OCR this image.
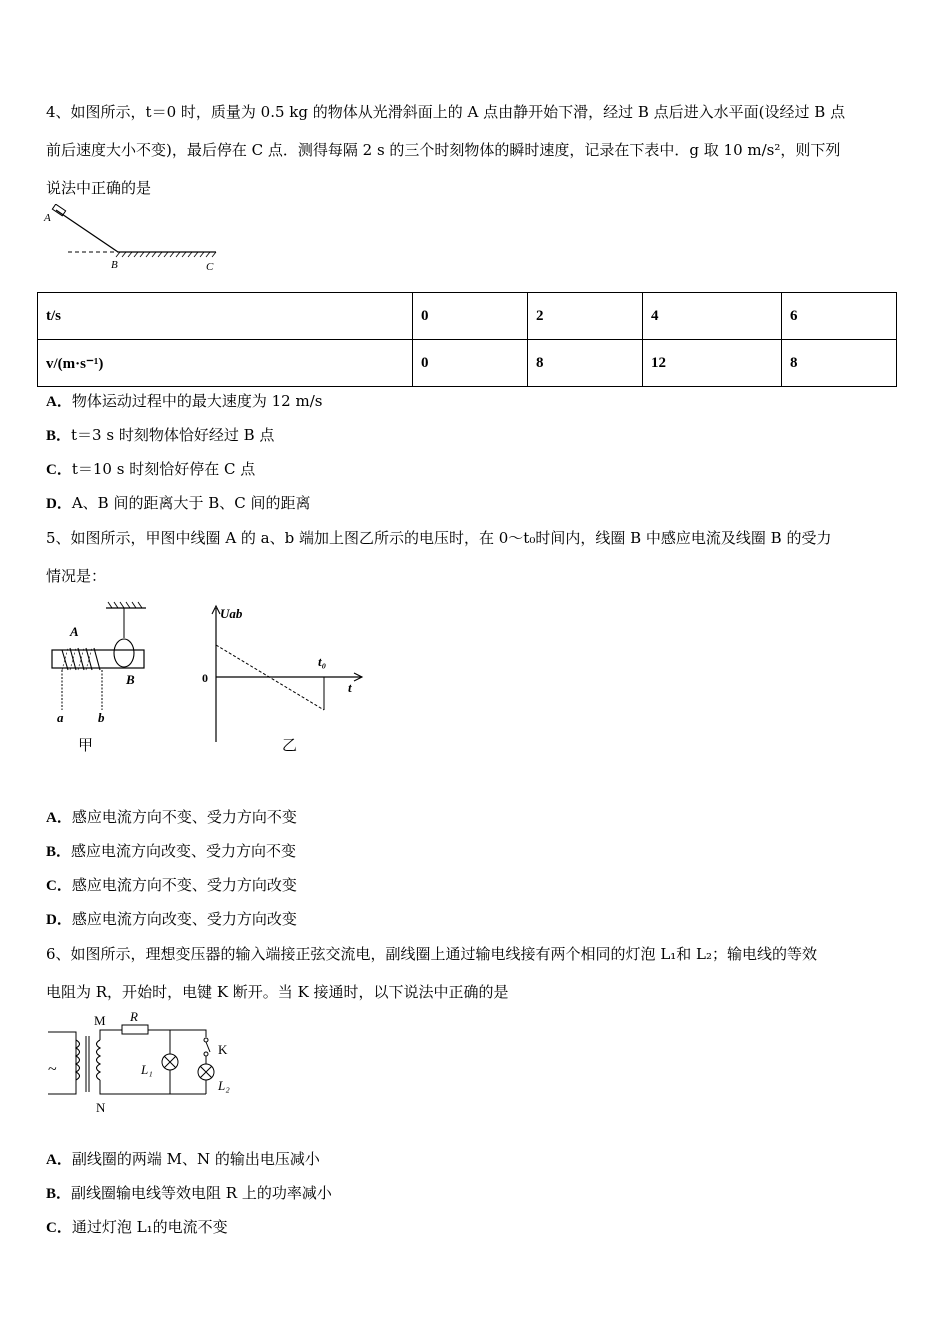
4、如图所示，t＝0 时，质量为 0.5 kg 的物体从光滑斜面上的 A 点由静开始下滑，经过 B 点后进入水平面(设经过 B 点
前后速度大小不变)，最后停在 C 点．测得每隔 2 s 的三个时刻物体的瞬时速度，记录在下表中．g 取 10 m/s²，则下列
说法中正确的是
A
B	C
t/s	0	2	4	6
v/(m·s⁻¹)	0	8	12	8
A．物体运动过程中的最大速度为 12 m/s
B．t＝3 s 时刻物体恰好经过 B 点
C．t＝10 s 时刻恰好停在 C 点
D．A、B 间的距离大于 B、C 间的距离
5、如图所示，甲图中线圈 A 的 a、b 端加上图乙所示的电压时，在 0～t₀时间内，线圈 B 中感应电流及线圈 B 的受力
情况是：
A
B
a	b
甲
Uab
0
t₀
t
乙
A．感应电流方向不变、受力方向不变
B．感应电流方向改变、受力方向不变
C．感应电流方向不变、受力方向改变
D．感应电流方向改变、受力方向改变
6、如图所示，理想变压器的输入端接正弦交流电，副线圈上通过输电线接有两个相同的灯泡 L₁和 L₂；输电线的等效
电阻为 R，开始时，电键 K 断开。当 K 接通时，以下说法中正确的是
~
M
N
R
K
L₁
L₂
A．副线圈的两端 M、N 的输出电压减小
B．副线圈输电线等效电阻 R 上的功率减小
C．通过灯泡 L₁的电流不变
